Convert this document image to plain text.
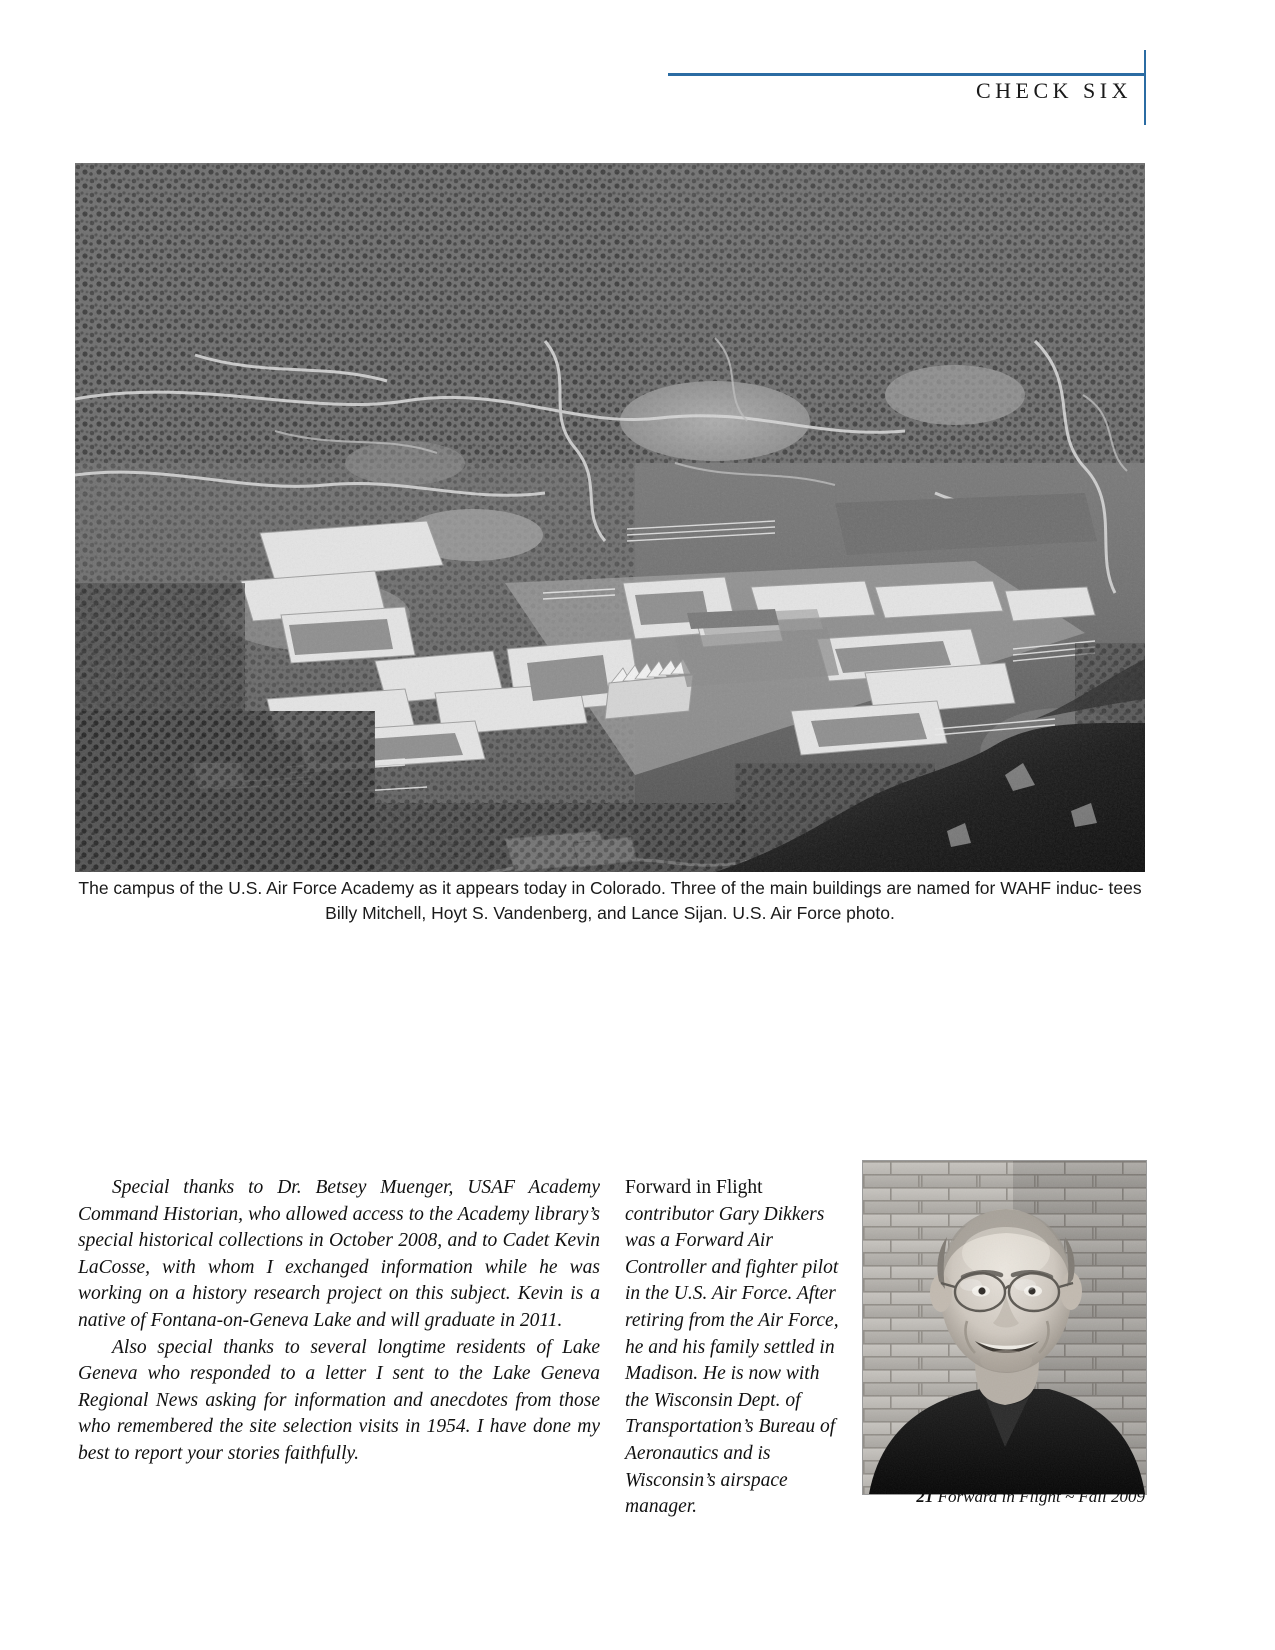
CHECK SIX
The campus of the U.S. Air Force Academy as it appears today in Colorado. Three of the main buildings are named for WAHF induc- tees Billy Mitchell, Hoyt S. Vandenberg, and Lance Sijan. U.S. Air Force photo.

Special thanks to Dr. Betsey Muenger, USAF Academy Command Historian, who allowed access to the Academy library’s special historical collections in October 2008, and to Cadet Kevin LaCosse, with whom I exchanged information while he was working on a history research project on this subject. Kevin is a native of Fontana-on-Geneva Lake and will graduate in 2011.

Also special thanks to several longtime residents of Lake Geneva who responded to a letter I sent to the Lake Geneva Regional News asking for information and anecdotes from those who remembered the site selection visits in 1954. I have done my best to report your stories faithfully.

Forward in Flight contributor Gary Dikkers was a Forward Air Controller and fighter pilot in the U.S. Air Force. After retiring from the Air Force, he and his family settled in Madison. He is now with the Wisconsin Dept. of Transportation’s Bureau of Aeronautics and is Wisconsin’s airspace manager.	21 Forward in Flight ~ Fall 2009
